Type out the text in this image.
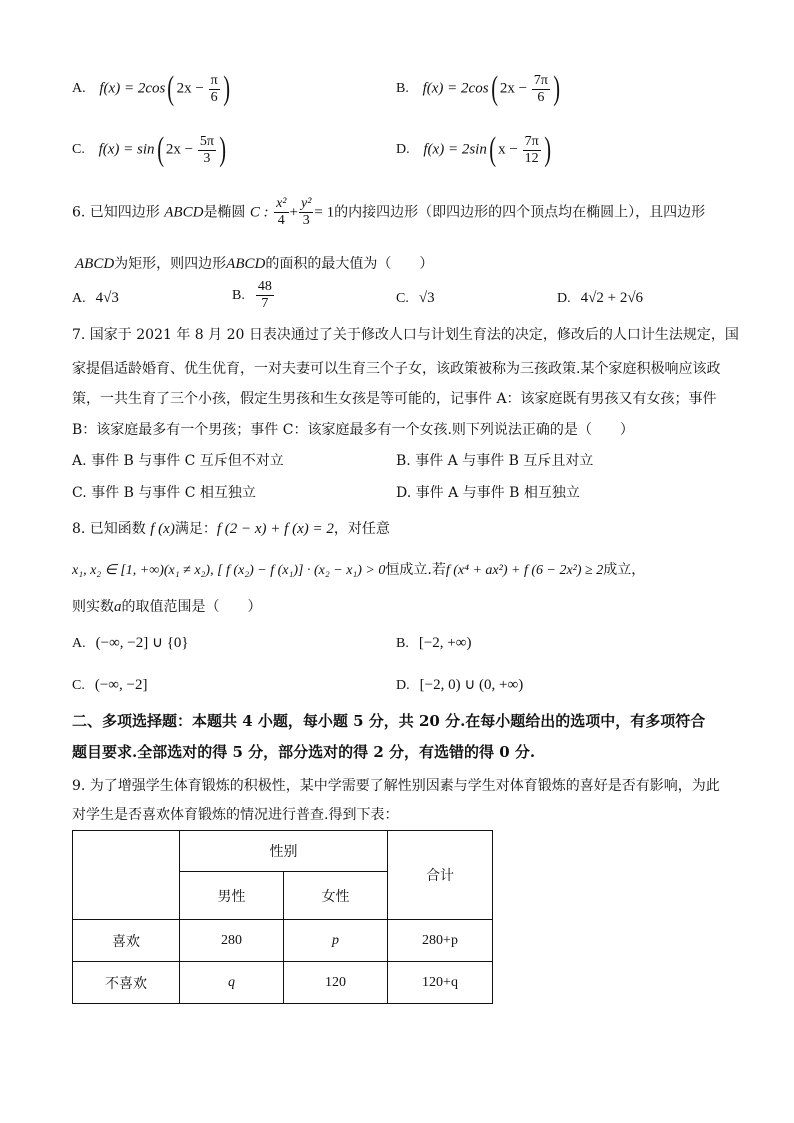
A. f(x) = 2cos( $2x - \frac{\pi}{6}$ )	B. f(x) = 2cos( $2x - \frac{7\pi}{6}$ )
C. f(x) = sin( $2x - \frac{5\pi}{3}$ )	D. f(x) = 2sin( $x - \frac{7\pi}{12}$ )
6. 已知四边形 ABCD是椭圆 C : $\frac{\text{x²}}{4} + \frac{\text{y²}}{3} = 1$的内接四边形（即四边形的四个顶点均在椭圆上），且四边形
ABCD为矩形，则四边形ABCD的面积的最大值为（　　）
A. 4√3	B. $\frac{48}{7}$	C. √3	D. 4√2 + 2√6
7. 国家于 2021 年 8 月 20 日表决通过了关于修改人口与计划生育法的决定，修改后的人口计生法规定，国
家提倡适龄婚育、优生优育，一对夫妻可以生育三个子女，该政策被称为三孩政策.某个家庭积极响应该政
策，一共生育了三个小孩，假定生男孩和生女孩是等可能的，记事件 A：该家庭既有男孩又有女孩；事件
B：该家庭最多有一个男孩；事件 C：该家庭最多有一个女孩.则下列说法正确的是（　　）
A. 事件 B 与事件 C 互斥但不对立	B. 事件 A 与事件 B 互斥且对立
C. 事件 B 与事件 C 相互独立	D. 事件 A 与事件 B 相互独立
8. 已知函数 f (x)满足：f (2 − x) + f (x) = 2，对任意
x₁, x₂ ∈ [1, +∞)(x₁ ≠ x₂), [ f (x₂) − f (x₁)] · (x₂ − x₁) > 0恒成立.若f (x⁴ + ax²) + f (6 − 2x²) ≥ 2成立，
则实数a的取值范围是（　　）
A. (−∞, −2] ∪ {0}	B. [−2, +∞)
C. (−∞, −2]	D. [−2, 0) ∪ (0, +∞)
二、多项选择题：本题共 4 小题，每小题 5 分，共 20 分.在每小题给出的选项中，有多项符合
题目要求.全部选对的得 5 分，部分选对的得 2 分，有选错的得 0 分.
9. 为了增强学生体育锻炼的积极性，某中学需要了解性别因素与学生对体育锻炼的喜好是否有影响，为此
对学生是否喜欢体育锻炼的情况进行普查.得到下表：
	性别		合计
	男性	女性	
喜欢	280	p	280+p
不喜欢	q	120	120+q
